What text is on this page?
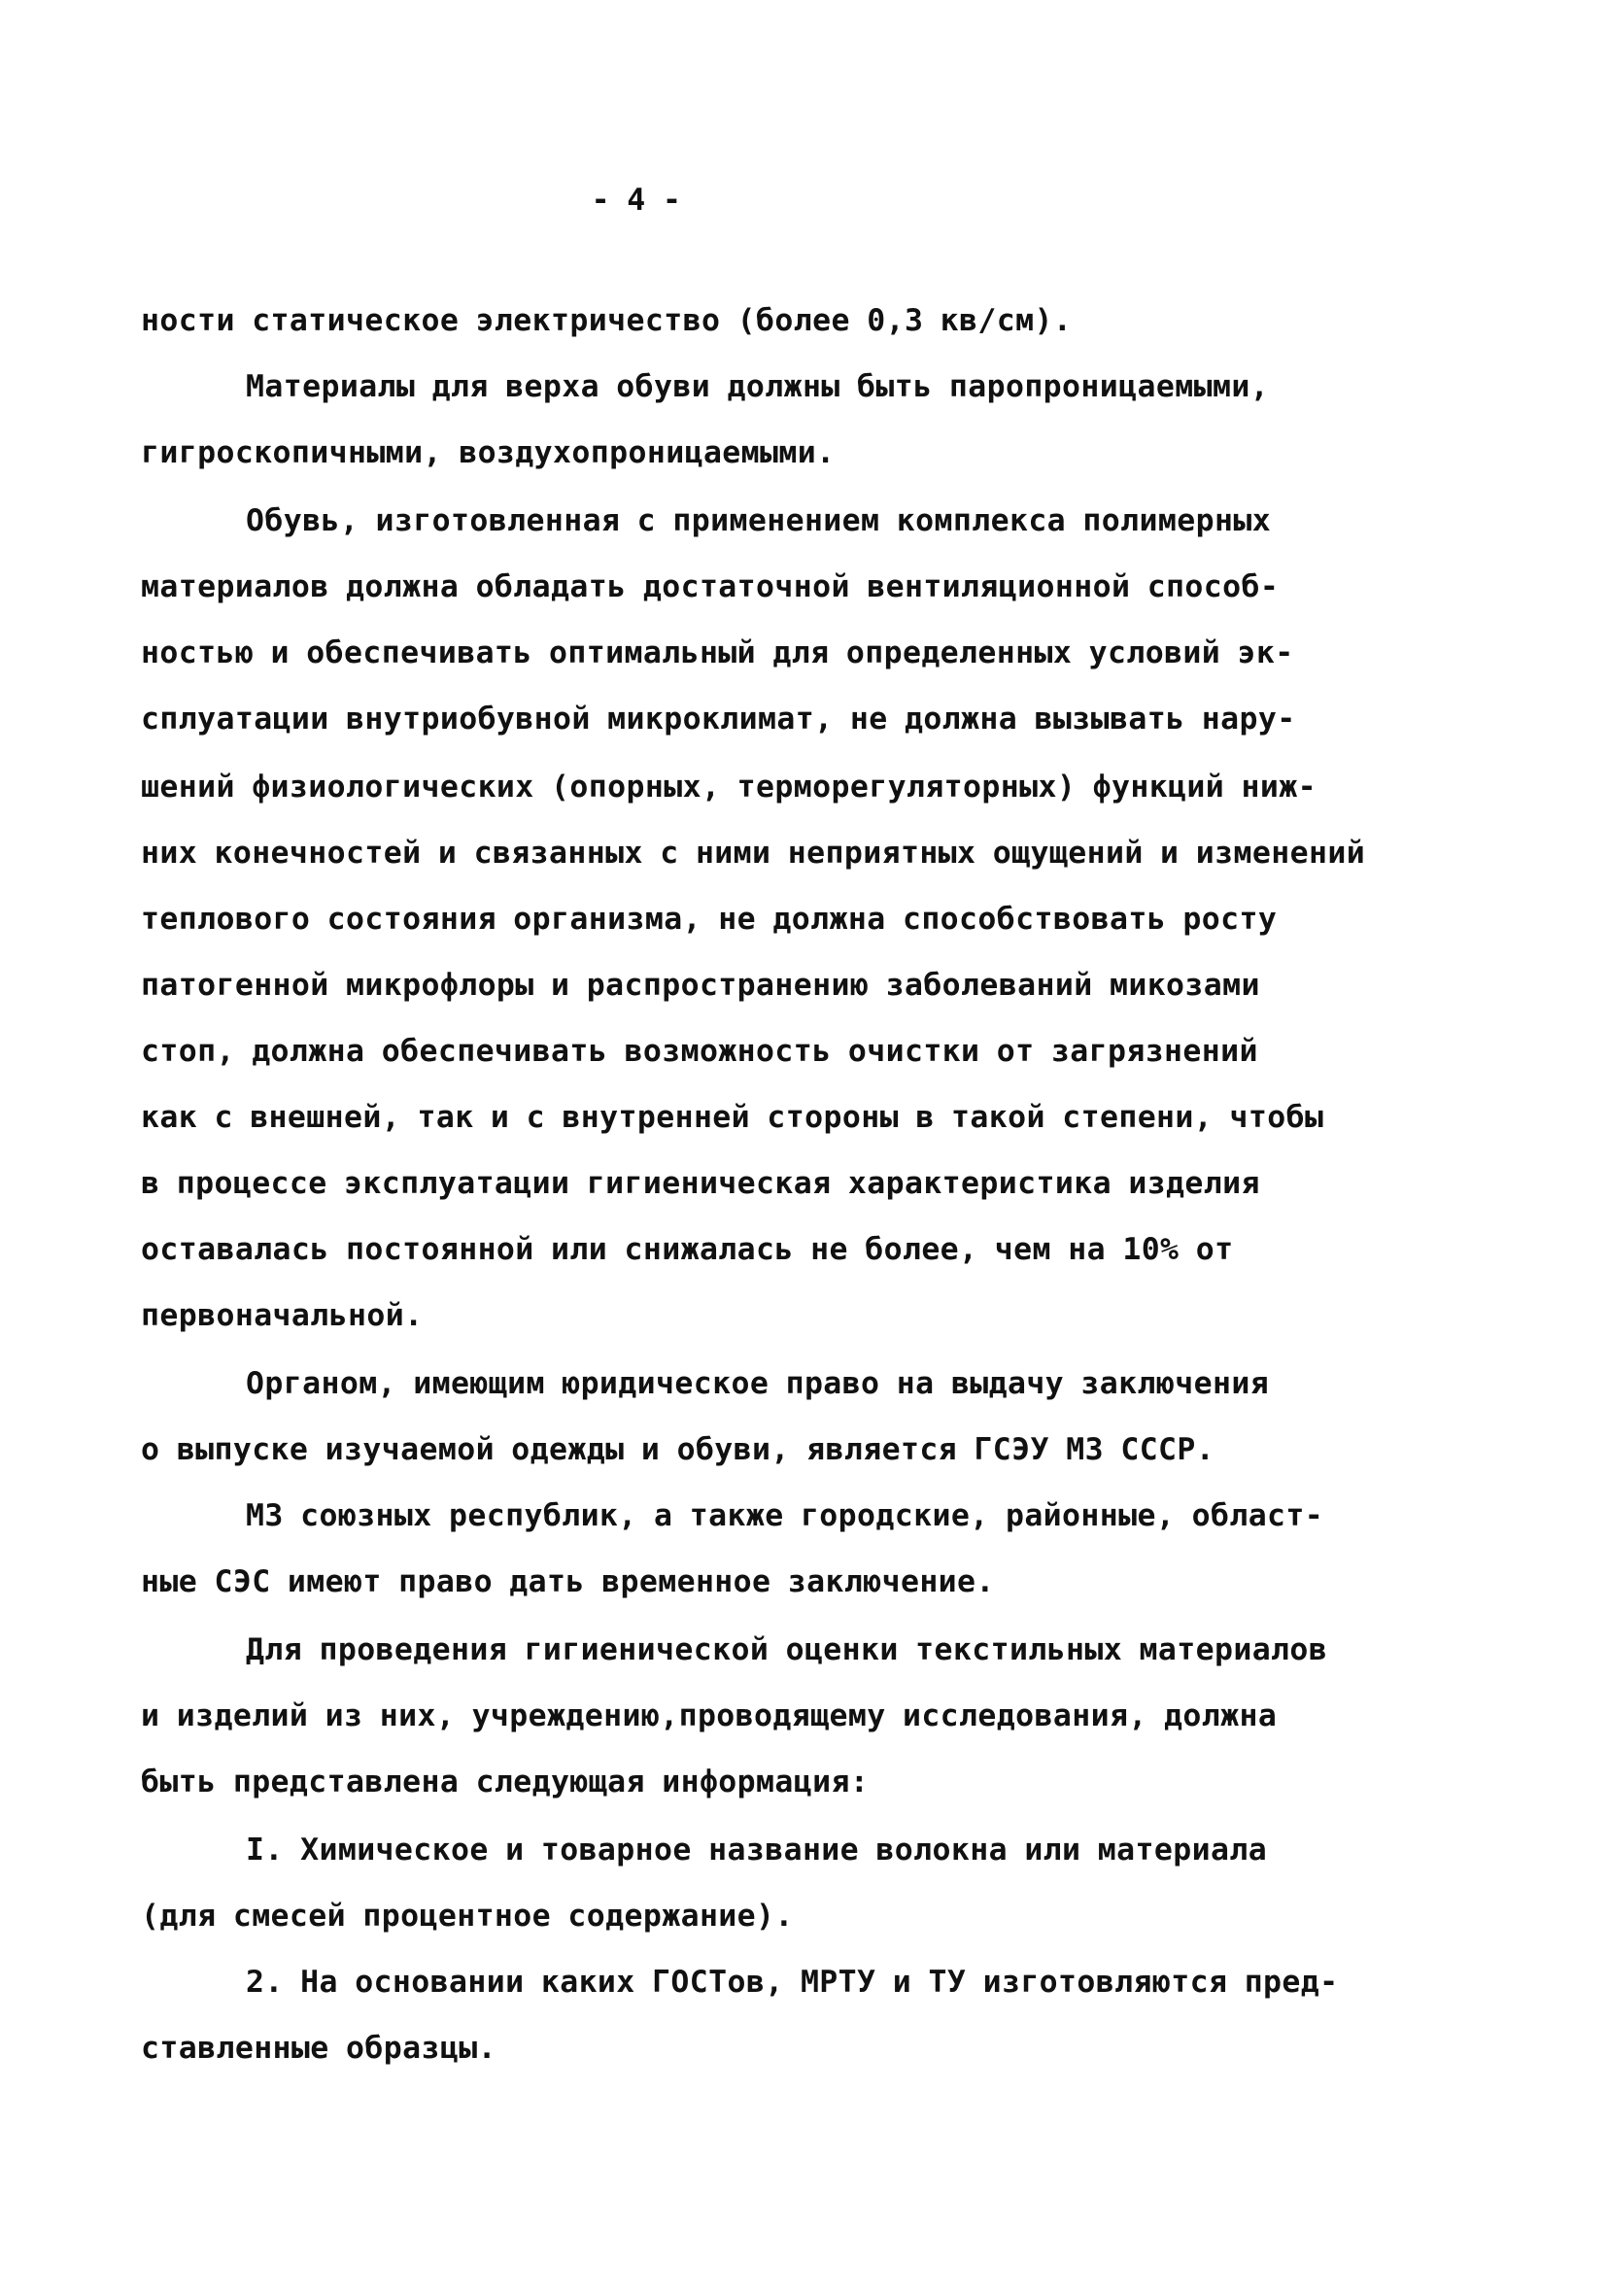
- 4 -
ности статическое электричество (более 0,3 кв/см).
Материалы для верха обуви должны быть паропроницаемыми,
гигроскопичными, воздухопроницаемыми.
Обувь, изготовленная с применением комплекса полимерных
материалов должна обладать достаточной вентиляционной способ-
ностью и обеспечивать оптимальный для определенных условий эк-
сплуатации внутриобувной микроклимат, не должна вызывать нару-
шений физиологических (опорных, терморегуляторных) функций ниж-
них конечностей и связанных с ними неприятных ощущений и изменений
теплового состояния организма, не должна способствовать росту
патогенной микрофлоры и распространению заболеваний микозами
стоп, должна обеспечивать возможность очистки от загрязнений
как с внешней, так и с внутренней стороны в такой степени, чтобы
в процессе эксплуатации гигиеническая характеристика изделия
оставалась постоянной или снижалась не более, чем на 10% от
первоначальной.
Органом, имеющим юридическое право на выдачу заключения
о выпуске изучаемой одежды и обуви, является ГСЭУ МЗ СССР.
МЗ союзных республик, а также городские, районные, област-
ные СЭС имеют право дать временное заключение.
Для проведения гигиенической оценки текстильных материалов
и изделий из них, учреждению,проводящему исследования, должна
быть представлена следующая информация:
I. Химическое и товарное название волокна или материала
(для смесей процентное содержание).
2. На основании каких ГОСТов, МРТУ и ТУ изготовляются пред-
ставленные образцы.
